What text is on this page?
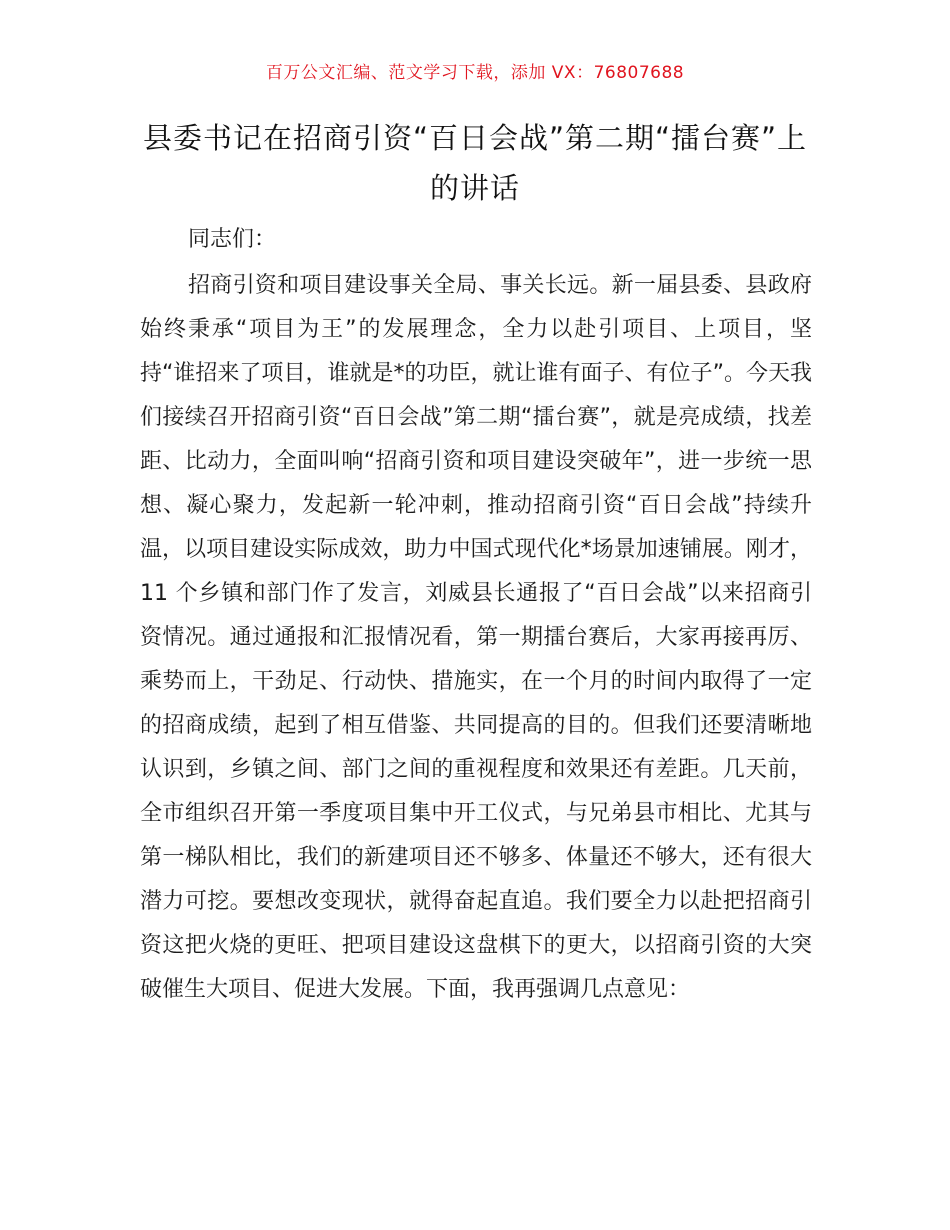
百万公文汇编、范文学习下载，添加 VX：76807688
县委书记在招商引资“百日会战”第二期“擂台赛”上的讲话
同志们：

招商引资和项目建设事关全局、事关长远。新一届县委、县政府始终秉承“项目为王”的发展理念，全力以赴引项目、上项目，坚持“谁招来了项目，谁就是*的功臣，就让谁有面子、有位子”。今天我们接续召开招商引资“百日会战”第二期“擂台赛”，就是亮成绩，找差距、比动力，全面叫响“招商引资和项目建设突破年”，进一步统一思想、凝心聚力，发起新一轮冲刺，推动招商引资“百日会战”持续升温，以项目建设实际成效，助力中国式现代化*场景加速铺展。刚才，11 个乡镇和部门作了发言，刘威县长通报了“百日会战”以来招商引资情况。通过通报和汇报情况看，第一期擂台赛后，大家再接再厉、乘势而上，干劲足、行动快、措施实，在一个月的时间内取得了一定的招商成绩，起到了相互借鉴、共同提高的目的。但我们还要清晰地认识到，乡镇之间、部门之间的重视程度和效果还有差距。几天前，全市组织召开第一季度项目集中开工仪式，与兄弟县市相比、尤其与第一梯队相比，我们的新建项目还不够多、体量还不够大，还有很大潜力可挖。要想改变现状，就得奋起直追。我们要全力以赴把招商引资这把火烧的更旺、把项目建设这盘棋下的更大，以招商引资的大突破催生大项目、促进大发展。下面，我再强调几点意见：
